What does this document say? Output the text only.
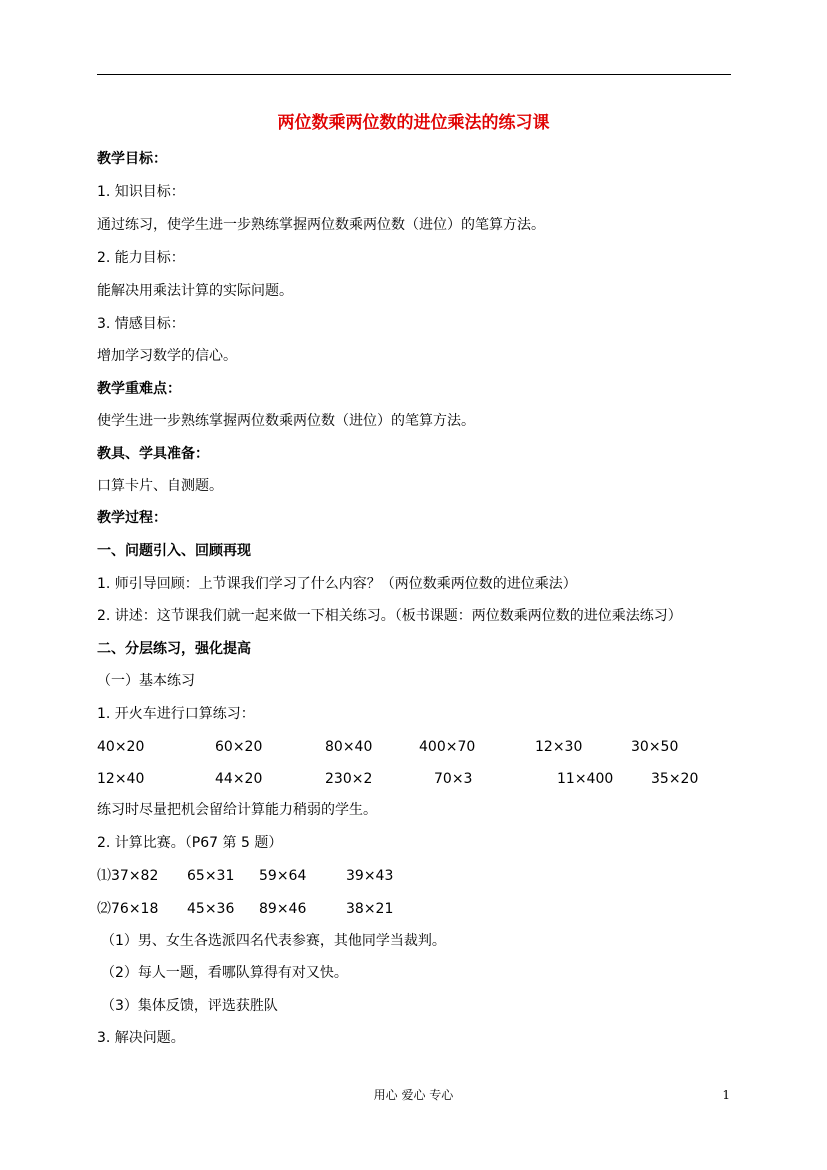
两位数乘两位数的进位乘法的练习课
教学目标：
1. 知识目标：
通过练习，使学生进一步熟练掌握两位数乘两位数（进位）的笔算方法。
2. 能力目标：
能解决用乘法计算的实际问题。
3. 情感目标：
增加学习数学的信心。
教学重难点：
使学生进一步熟练掌握两位数乘两位数（进位）的笔算方法。
教具、学具准备：
口算卡片、自测题。
教学过程：
一、问题引入、回顾再现
1. 师引导回顾：上节课我们学习了什么内容？（两位数乘两位数的进位乘法）
2. 讲述：这节课我们就一起来做一下相关练习。（板书课题：两位数乘两位数的进位乘法练习）
二、分层练习，强化提高
（一）基本练习
1. 开火车进行口算练习：
40×20	60×20	80×40	400×70	12×30	30×50
12×40	44×20	230×2	70×3	11×400	35×20
练习时尽量把机会留给计算能力稍弱的学生。
2. 计算比赛。（P67 第 5 题）
⑴37×82 65×31 59×64	39×43
⑵76×18 45×36 89×46	38×21
（1）男、女生各选派四名代表参赛，其他同学当裁判。
（2）每人一题，看哪队算得有对又快。
（3）集体反馈，评选获胜队
3. 解决问题。
用心 爱心 专心	1
